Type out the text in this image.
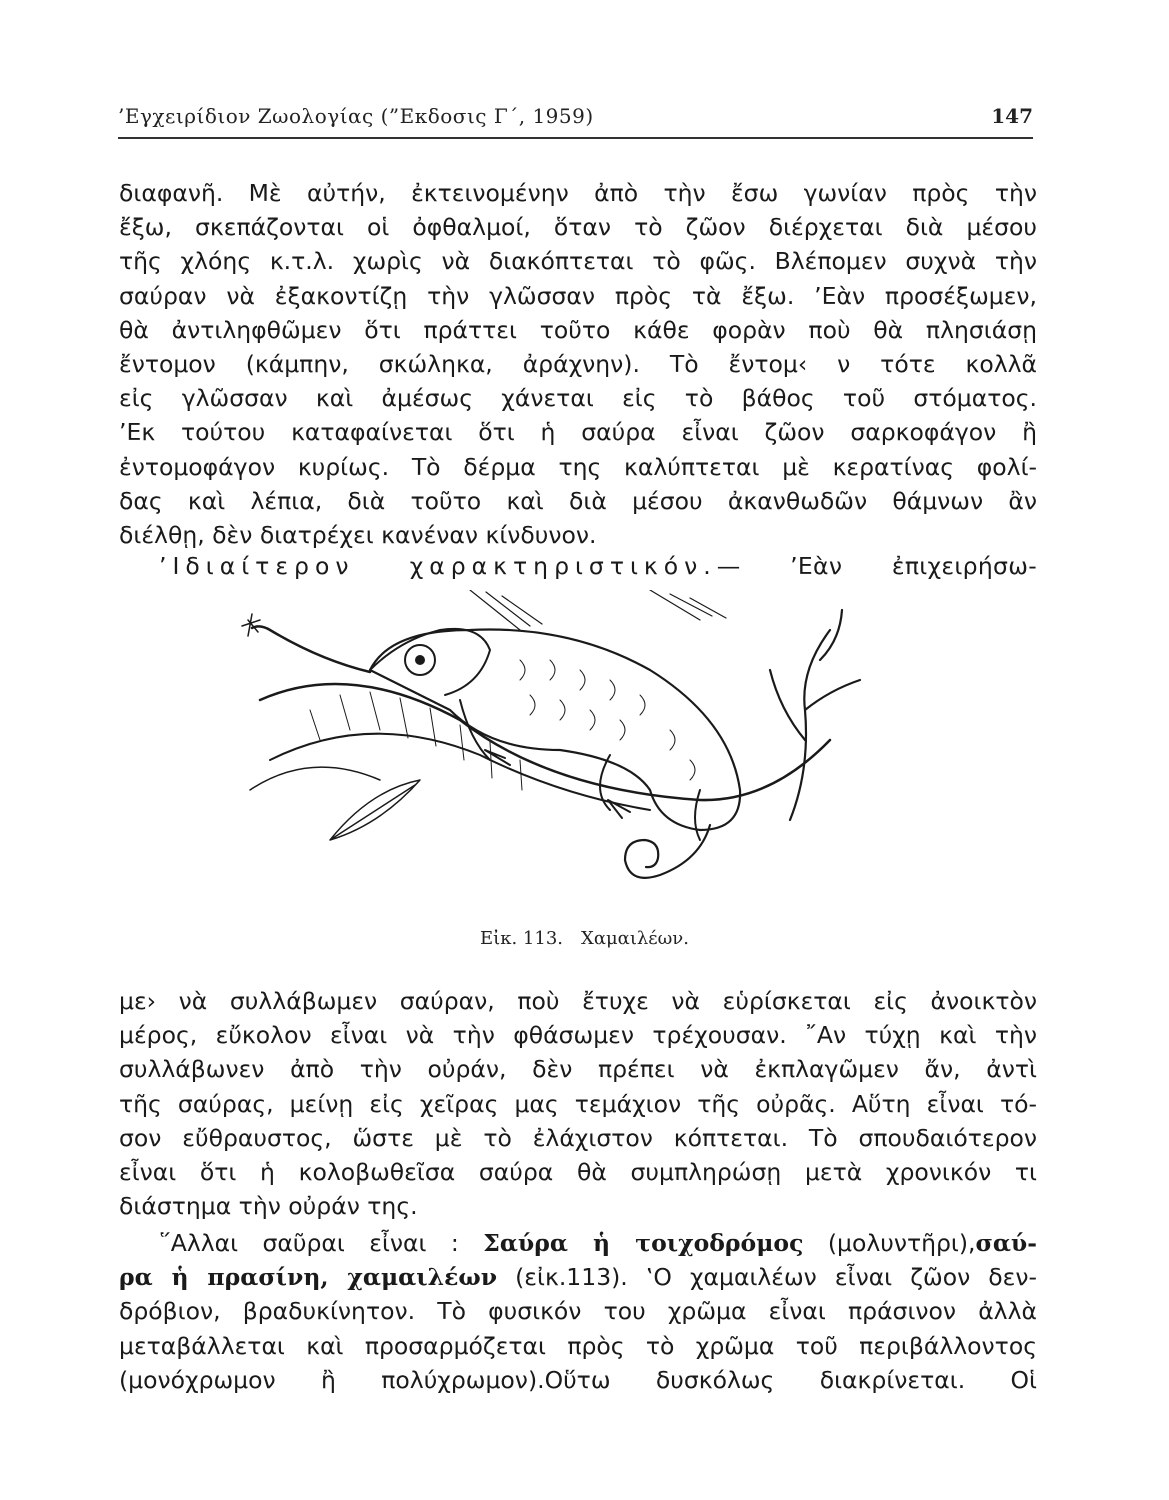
’Εγχειρίδιον Ζωολογίας (”Εκδοσις Γ΄, 1959)	147
διαφανῆ. Μὲ αὐτήν, ἐκτεινομένην ἀπὸ τὴν ἔσω γωνίαν πρὸς τὴν
ἔξω, σκεπάζονται οἱ ὀφθαλμοί, ὅταν τὸ ζῶον διέρχεται διὰ μέσου
τῆς χλόης κ.τ.λ. χωρὶς νὰ διακόπτεται τὸ φῶς. Βλέπομεν συχνὰ τὴν
σαύραν νὰ ἐξακοντίζῃ τὴν γλῶσσαν πρὸς τὰ ἔξω. ’Εὰν προσέξωμεν,
θὰ ἀντιληφθῶμεν ὅτι πράττει τοῦτο κάθε φορὰν ποὺ θὰ πλησιάσῃ
ἔντομον (κάμπην, σκώληκα, ἀράχνην). Τὸ ἔντομ‹ ν τότε κολλᾶ
εἰς γλῶσσαν καὶ ἀμέσως χάνεται εἰς τὸ βάθος τοῦ στόματος.
’Εκ τούτου καταφαίνεται ὅτι ἡ σαύρα εἶναι ζῶον σαρκοφάγον ἢ
ἐντομοφάγον κυρίως. Τὸ δέρμα της καλύπτεται μὲ κερατίνας φολί-
δας καὶ λέπια, διὰ τοῦτο καὶ διὰ μέσου ἀκανθωδῶν θάμνων ἂν
διέλθῃ, δὲν διατρέχει κανέναν κίνδυνον.
’Ιδιαίτερον χαρακτηριστικόν.— ’Εὰν ἐπιχειρήσω-
Εἰκ. 113. Χαμαιλέων.
με› νὰ συλλάβωμεν σαύραν, ποὺ ἔτυχε νὰ εὑρίσκεται εἰς ἀνοικτὸν
μέρος, εὔκολον εἶναι νὰ τὴν φθάσωμεν τρέχουσαν. ῎Αν τύχῃ καὶ τὴν
συλλάβωνεν ἀπὸ τὴν οὐράν, δὲν πρέπει νὰ ἐκπλαγῶμεν ἄν, ἀντὶ
τῆς σαύρας, μείνῃ εἰς χεῖρας μας τεμάχιον τῆς οὐρᾶς. Αὕτη εἶναι τό-
σον εὔθραυστος, ὥστε μὲ τὸ ἐλάχιστον κόπτεται. Τὸ σπουδαιότερον
εἶναι ὅτι ἡ κολοβωθεῖσα σαύρα θὰ συμπληρώσῃ μετὰ χρονικόν τι
διάστημα τὴν οὐράν της.
῞Αλλαι σαῦραι εἶναι : Σαύρα ἡ τοιχοδρόμος (μολυντῆρι),σαύ-
ρα ἡ πρασίνη, χαμαιλέων (εἰκ.113). ‛Ο χαμαιλέων εἶναι ζῶον δεν-
δρόβιον, βραδυκίνητον. Τὸ φυσικόν του χρῶμα εἶναι πράσινον ἀλλὰ
μεταβάλλεται καὶ προσαρμόζεται πρὸς τὸ χρῶμα τοῦ περιβάλλοντος
(μονόχρωμον ἢ πολύχρωμον).Οὕτω δυσκόλως διακρίνεται. Οἱ
